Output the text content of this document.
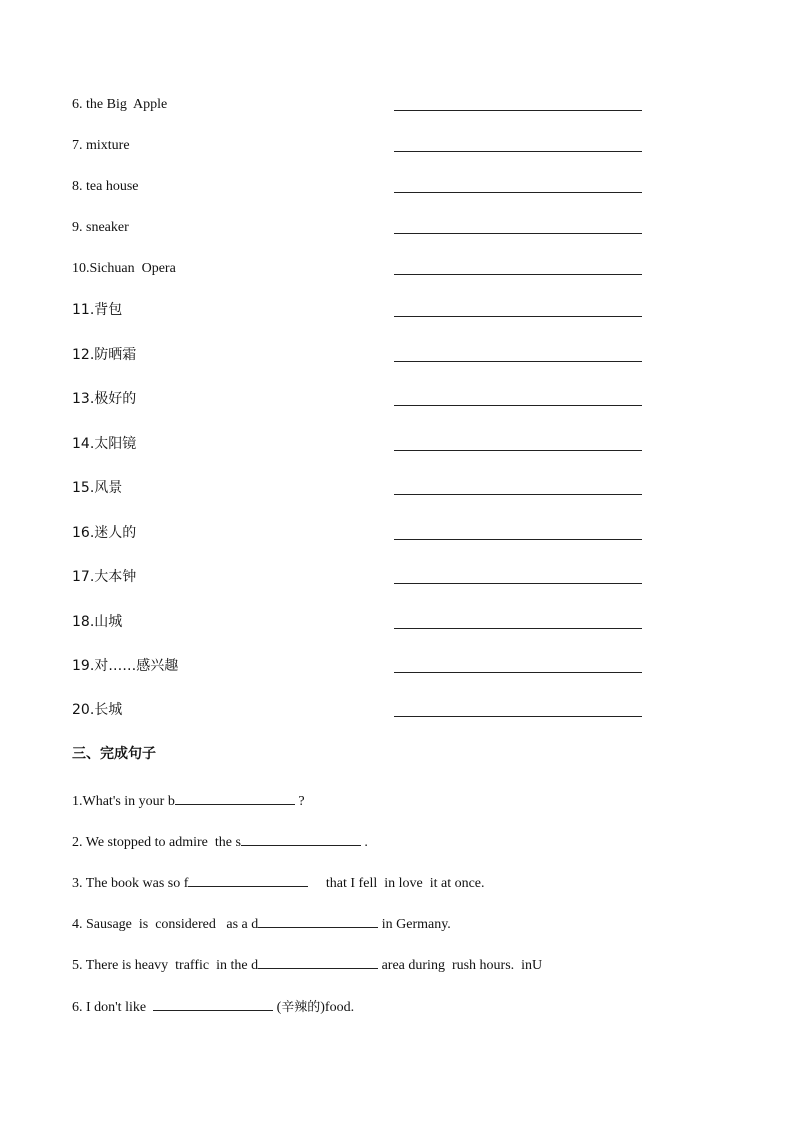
6. the Big  Apple
7. mixture
8. tea house
9. sneaker
10.Sichuan  Opera
11.背包
12.防晒霜
13.极好的
14.太阳镜
15.风景
16.迷人的
17.大本钟
18.山城
19.对……感兴趣
20.长城
三、完成句子
1.What's in your b	?
2. We stopped to admire  the s	.
3. The book was so f	that I fell  in love  it at once.
4. Sausage  is  considered   as a d	in Germany.
5. There is heavy  traffic  in the d	area during  rush hours.  inU
6. I don't like	(辛辣的)food.
